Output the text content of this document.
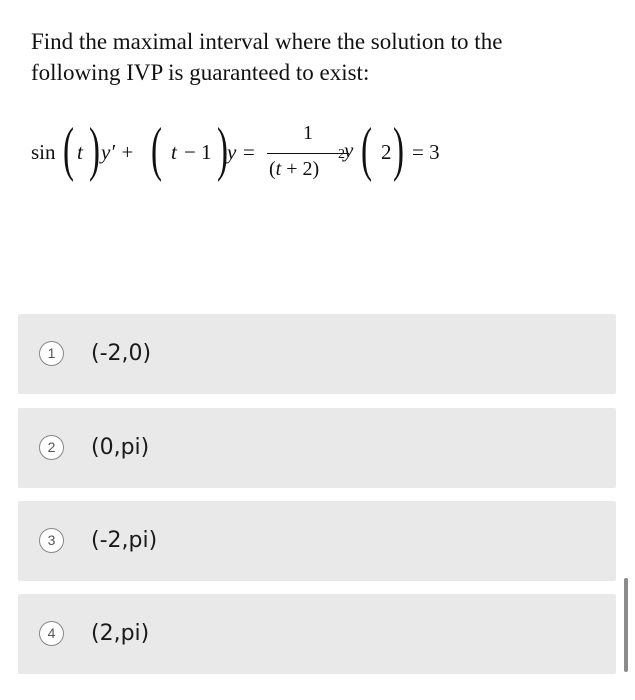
Find the maximal interval where the solution to the
following IVP is guaranteed to exist:
sin ( t ) y′ + ( t − 1 ) y =
1
(t + 2)
2 y ( 2 ) = 3
1	(-2,0)
2	(0,pi)
3	(-2,pi)
4	(2,pi)
